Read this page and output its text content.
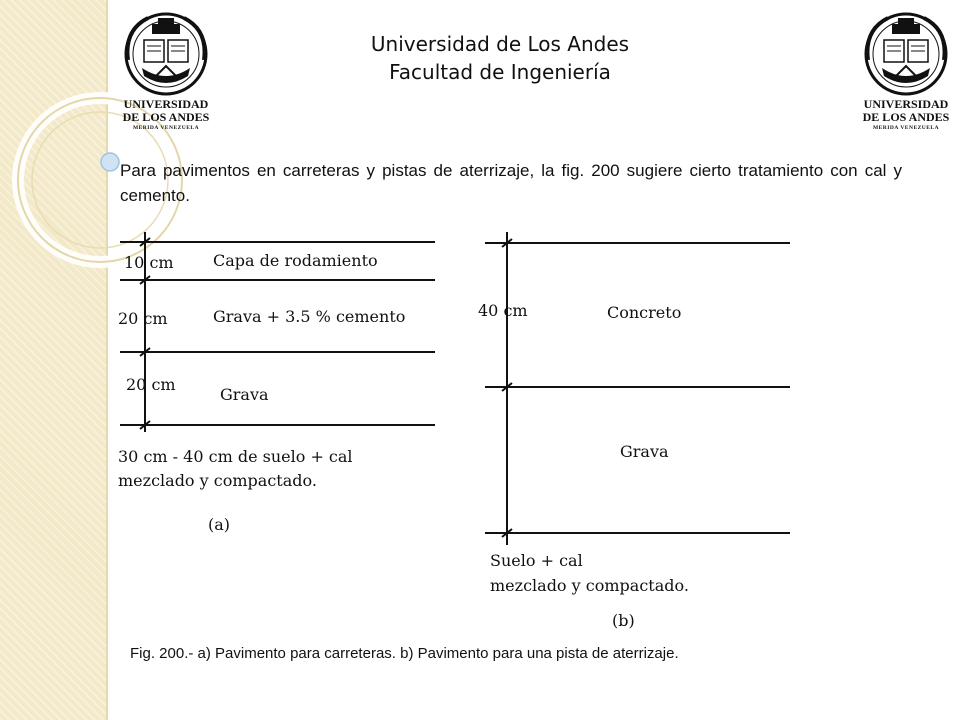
UNIVERSIDAD
DE LOS ANDES
MERIDA VENEZUELA
UNIVERSIDAD
DE LOS ANDES
MERIDA VENEZUELA
Universidad de Los Andes
Facultad de Ingeniería
Para pavimentos en carreteras y pistas de aterrizaje, la fig. 200 sugiere cierto tratamiento con cal y cemento.
10 cm Capa de rodamiento
20 cm	Grava + 3.5 % cemento
20 cm
Grava
30 cm - 40 cm de suelo + cal
mezclado y compactado.
(a)
40 cm	Concreto
Grava
Suelo + cal
mezclado y compactado.
(b)
Fig. 200.- a) Pavimento para carreteras. b) Pavimento para una pista de aterrizaje.
